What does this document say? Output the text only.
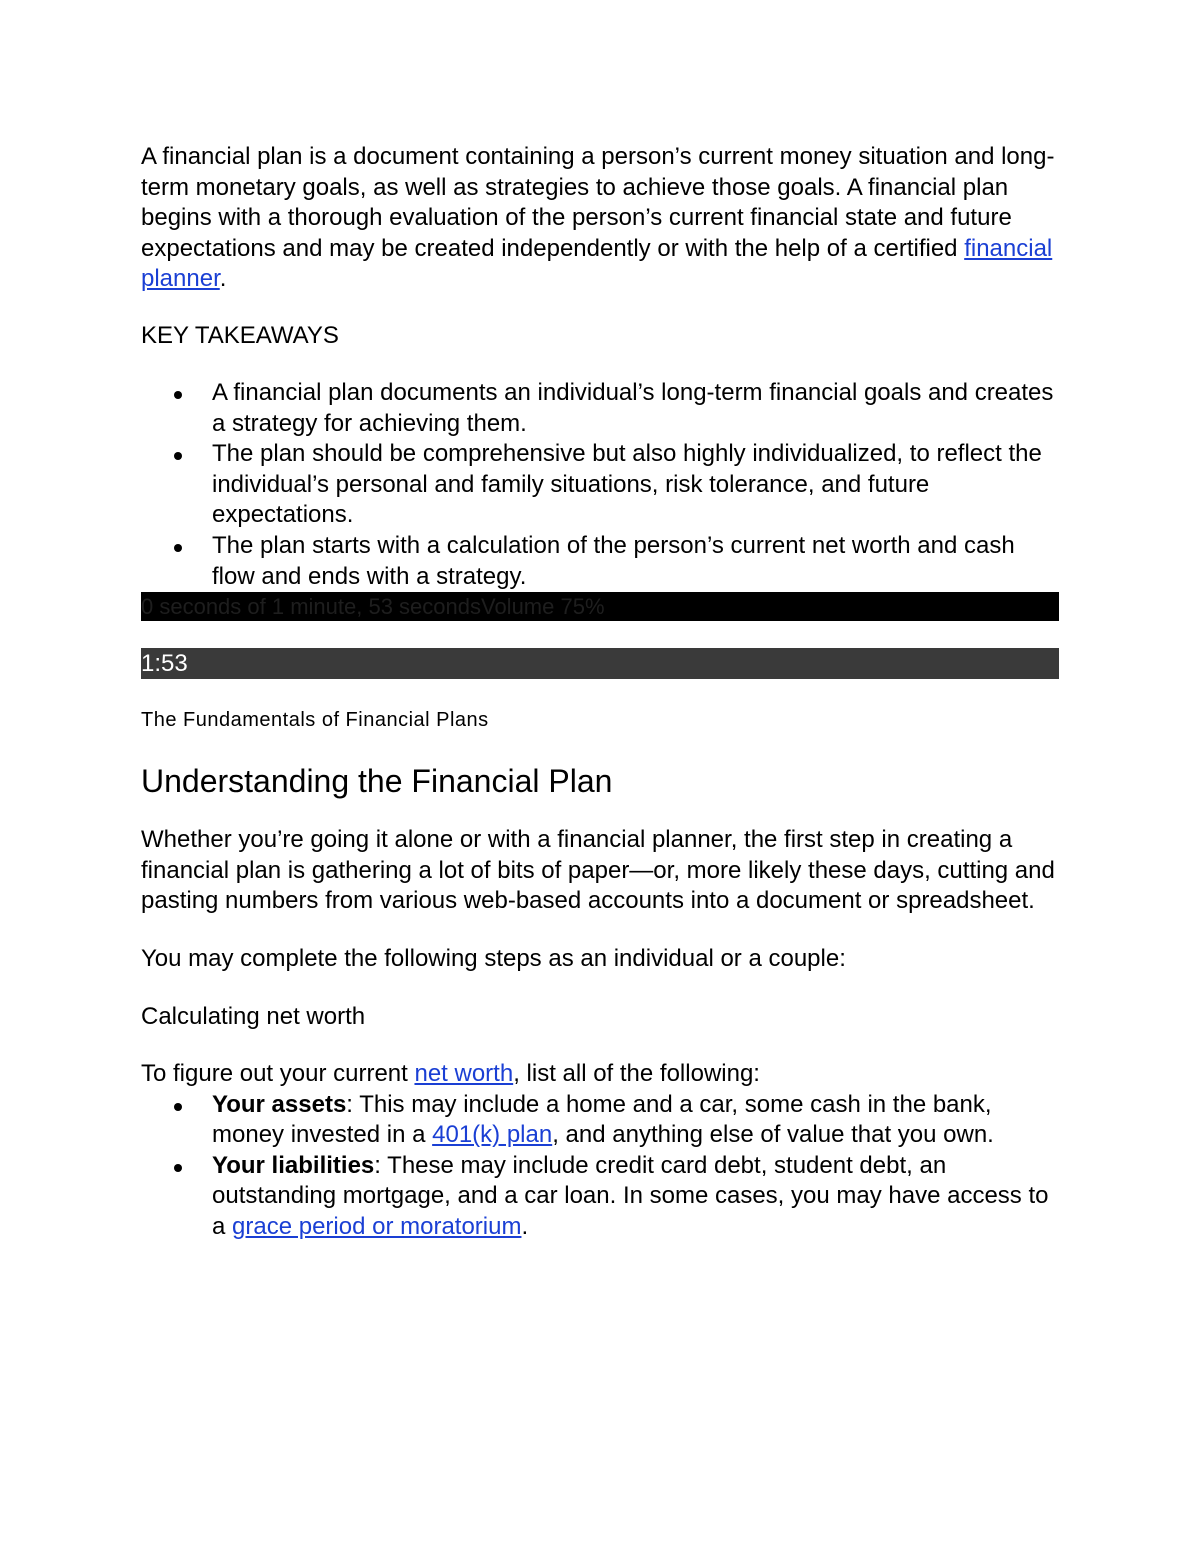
A financial plan is a document containing a person’s current money situation and long-term monetary goals, as well as strategies to achieve those goals. A financial plan begins with a thorough evaluation of the person’s current financial state and future expectations and may be created independently or with the help of a certified financial planner.

KEY TAKEAWAYS

A financial plan documents an individual’s long-term financial goals and creates a strategy for achieving them.
The plan should be comprehensive but also highly individualized, to reflect the individual’s personal and family situations, risk tolerance, and future expectations.
The plan starts with a calculation of the person’s current net worth and cash flow and ends with a strategy.
0 seconds of 1 minute, 53 secondsVolume 75%
1:53
The Fundamentals of Financial Plans
Understanding the Financial Plan

Whether you’re going it alone or with a financial planner, the first step in creating a financial plan is gathering a lot of bits of paper—or, more likely these days, cutting and pasting numbers from various web-based accounts into a document or spreadsheet.

You may complete the following steps as an individual or a couple:

Calculating net worth

To figure out your current net worth, list all of the following:

Your assets: This may include a home and a car, some cash in the bank, money invested in a 401(k) plan, and anything else of value that you own.
Your liabilities: These may include credit card debt, student debt, an outstanding mortgage, and a car loan. In some cases, you may have access to a grace period or moratorium.
